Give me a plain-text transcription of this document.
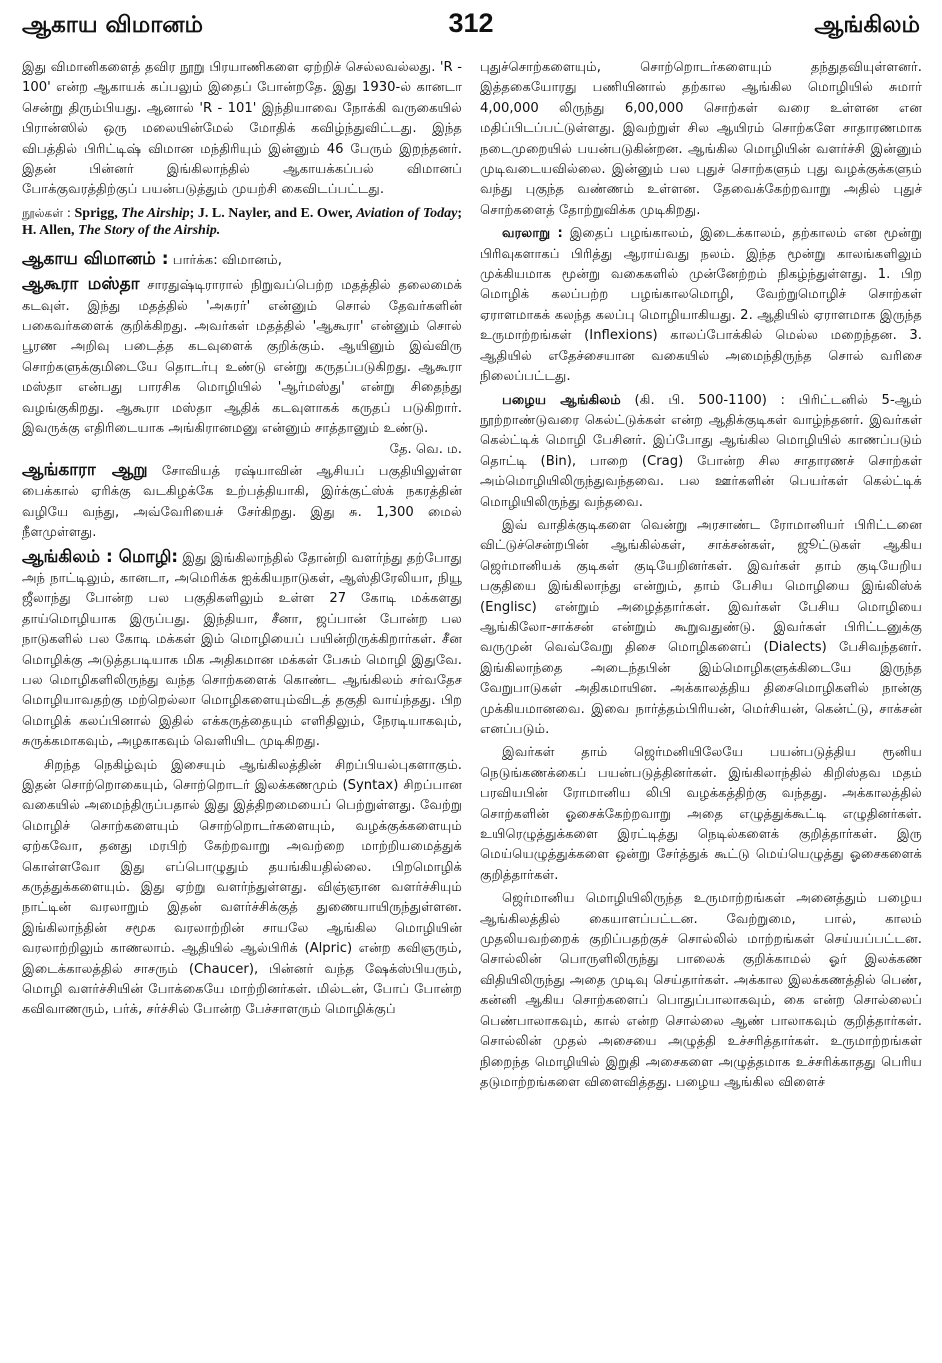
ஆகாய விமானம்	312	ஆங்கிலம்

இது விமானிகளைத் தவிர நூறு பிரயாணிகளை ஏற்றிச் செல்லவல்லது. 'R - 100' என்ற ஆகாயக் கப்பலும் இதைப் போன்றதே. இது 1930-ல் கானடா சென்று திரும்பியது. ஆனால் 'R - 101' இந்தியாவை நோக்கி வருகையில் பிரான்ஸில் ஒரு மலையின்மேல் மோதிக் கவிழ்ந்துவிட்டது. இந்த விபத்தில் பிரிட்டிஷ் விமான மந்திரியும் இன்னும் 46 பேரும் இறந்தனர். இதன் பின்னர் இங்கிலாந்தில் ஆகாயக்கப்பல் விமானப் போக்குவரத்திற்குப் பயன்படுத்தும் முயற்சி கைவிடப்பட்டது.

நூல்கள் : Sprigg, The Airship; J. L. Nayler, and E. Ower, Aviation of Today; H. Allen, The Story of the Airship.

ஆகாய விமானம் : பார்க்க: விமானம்,

ஆகூரா மஸ்தா சாரதுஷ்டிராரால் நிறுவப்பெற்ற மதத்தில் தலைமைக் கடவுள். இந்து மதத்தில் 'அசுரர்' என்னும் சொல் தேவர்களின் பகைவர்களைக் குறிக்கிறது. அவர்கள் மதத்தில் 'ஆகூரா' என்னும் சொல் பூரண அறிவு படைத்த கடவுளைக் குறிக்கும். ஆயினும் இவ்விரு சொற்களுக்குமிடையே தொடர்பு உண்டு என்று கருதப்படுகிறது. ஆகூரா மஸ்தா என்பது பாரசிக மொழியில் 'ஆர்மஸ்து' என்று சிதைந்து வழங்குகிறது. ஆகூரா மஸ்தா ஆதிக் கடவுளாகக் கருதப் படுகிறார். இவருக்கு எதிரிடையாக அங்கிரானமனு என்னும் சாத்தானும் உண்டு.
தே. வெ. ம.

ஆங்காரா ஆறு சோவியத் ரஷ்யாவின் ஆசியப் பகுதியிலுள்ள பைக்கால் ஏரிக்கு வடகிழக்கே உற்பத்தியாகி, இர்க்குட்ஸ்க் நகரத்தின் வழியே வந்து, அவ்வேரியைச் சேர்கிறது. இது சு. 1,300 மைல் நீளமுள்ளது.

ஆங்கிலம் : மொழி: இது இங்கிலாந்தில் தோன்றி வளர்ந்து தற்போது அந் நாட்டிலும், கானடா, அமெரிக்க ஐக்கியநாடுகள், ஆஸ்திரேலியா, நியூ ஜீலாந்து போன்ற பல பகுதிகளிலும் உள்ள 27 கோடி மக்களது தாய்மொழியாக இருப்பது. இந்தியா, சீனா, ஜப்பான் போன்ற பல நாடுகளில் பல கோடி மக்கள் இம் மொழியைப் பயின்றிருக்கிறார்கள். சீன மொழிக்கு அடுத்தபடியாக மிக அதிகமான மக்கள் பேசும் மொழி இதுவே. பல மொழிகளிலிருந்து வந்த சொற்களைக் கொண்ட ஆங்கிலம் சர்வதேச மொழியாவதற்கு மற்றெல்லா மொழிகளையும்விடத் தகுதி வாய்ந்தது. பிற மொழிக் கலப்பினால் இதில் எக்கருத்தையும் எளிதிலும், நேரடியாகவும், சுருக்கமாகவும், அழகாகவும் வெளியிட முடிகிறது.

சிறந்த நெகிழ்வும் இசையும் ஆங்கிலத்தின் சிறப்பியல்புகளாகும். இதன் சொற்றொகையும், சொற்றொடர் இலக்கணமும் (Syntax) சிறப்பான வகையில் அமைந்திருப்பதால் இது இத்திறமையைப் பெற்றுள்ளது. வேற்று மொழிச் சொற்களையும் சொற்றொடர்களையும், வழக்குக்களையும் ஏற்கவோ, தனது மரபிற் கேற்றவாறு அவற்றை மாற்றியமைத்துக் கொள்ளவோ இது எப்பொழுதும் தயங்கியதில்லை. பிறமொழிக் கருத்துக்களையும். இது ஏற்று வளர்ந்துள்ளது. விஞ்ஞான வளர்ச்சியும் நாட்டின் வரலாறும் இதன் வளர்ச்சிக்குத் துணையாயிருந்துள்ளன. இங்கிலாந்தின் சமூக வரலாற்றின் சாயலே ஆங்கில மொழியின் வரலாற்றிலும் காணலாம். ஆதியில் ஆல்பிரிக் (Alpric) என்ற கவிஞரும், இடைக்காலத்தில் சாசரும் (Chaucer), பின்னர் வந்த ஷேக்ஸ்பியரும், மொழி வளர்ச்சியின் போக்கையே மாற்றினர்கள். மில்டன், போப் போன்ற கவிவாணரும், பர்க், சர்ச்சில் போன்ற பேச்சாளரும் மொழிக்குப்

புதுச்சொற்களையும், சொற்றொடர்களையும் தந்துதவியுள்ளனர். இத்தகையோரது பணியினால் தற்கால ஆங்கில மொழியில் சுமார் 4,00,000 லிருந்து 6,00,000 சொற்கள் வரை உள்ளன என மதிப்பிடப்பட்டுள்ளது. இவற்றுள் சில ஆயிரம் சொற்களே சாதாரணமாக நடைமுறையில் பயன்படுகின்றன. ஆங்கில மொழியின் வளர்ச்சி இன்னும் முடிவடையவில்லை. இன்னும் பல புதுச் சொற்களும் புது வழக்குக்களும் வந்து புகுந்த வண்ணம் உள்ளன. தேவைக்கேற்றவாறு அதில் புதுச் சொற்களைத் தோற்றுவிக்க முடிகிறது.

வரலாறு : இதைப் பழங்காலம், இடைக்காலம், தற்காலம் என மூன்று பிரிவுகளாகப் பிரித்து ஆராய்வது நலம். இந்த மூன்று காலங்களிலும் முக்கியமாக மூன்று வகைகளில் முன்னேற்றம் நிகழ்ந்துள்ளது. 1. பிற மொழிக் கலப்பற்ற பழங்காலமொழி, வேற்றுமொழிச் சொற்கள் ஏராளமாகக் கலந்த கலப்பு மொழியாகியது. 2. ஆதியில் ஏராளமாக இருந்த உருமாற்றங்கள் (Inflexions) காலப்போக்கில் மெல்ல மறைந்தன. 3. ஆதியில் எதேச்சையான வகையில் அமைந்திருந்த சொல் வரிசை நிலைப்பட்டது.

பழைய ஆங்கிலம் (கி. பி. 500-1100) : பிரிட்டனில் 5-ஆம் நூற்றாண்டுவரை கெல்ட்டுக்கள் என்ற ஆதிக்குடிகள் வாழ்ந்தனர். இவர்கள் கெல்ட்டிக் மொழி பேசினர். இப்போது ஆங்கில மொழியில் காணப்படும் தொட்டி (Bin), பாறை (Crag) போன்ற சில சாதாரணச் சொற்கள் அம்மொழியிலிருந்துவந்தவை. பல ஊர்களின் பெயர்கள் கெல்ட்டிக் மொழியிலிருந்து வந்தவை.

இவ் வாதிக்குடிகளை வென்று அரசாண்ட ரோமானியர் பிரிட்டனை விட்டுச்சென்றபின் ஆங்கில்கள், சாக்சன்கள், ஜூட்டுகள் ஆகிய ஜெர்மானியக் குடிகள் குடியேறினர்கள். இவர்கள் தாம் குடியேறிய பகுதியை இங்கிலாந்து என்றும், தாம் பேசிய மொழியை இங்லிஸ்க் (Englisc) என்றும் அழைத்தார்கள். இவர்கள் பேசிய மொழியை ஆங்கிலோ-சாக்சன் என்றும் கூறுவதுண்டு. இவர்கள் பிரிட்டனுக்கு வருமுன் வெவ்வேறு திசை மொழிகளைப் (Dialects) பேசிவந்தனர். இங்கிலாந்தை அடைந்தபின் இம்மொழிகளுக்கிடையே இருந்த வேறுபாடுகள் அதிகமாயின. அக்காலத்திய திசைமொழிகளில் நான்கு முக்கியமானவை. இவை நார்த்தம்பிரியன், மெர்சியன், கென்ட்டு, சாக்சன் எனப்படும்.

இவர்கள் தாம் ஜெர்மனியிலேயே பயன்படுத்திய ரூனிய நெடுங்கணக்கைப் பயன்படுத்தினர்கள். இங்கிலாந்தில் கிறிஸ்தவ மதம் பரவியபின் ரோமானிய லிபி வழக்கத்திற்கு வந்தது. அக்காலத்தில் சொற்களின் ஓசைக்கேற்றவாறு அதை எழுத்துக்கூட்டி எழுதினர்கள். உயிரெழுத்துக்களை இரட்டித்து நெடில்களைக் குறித்தார்கள். இரு மெய்யெழுத்துக்களை ஒன்று சேர்த்துக் கூட்டு மெய்யெழுத்து ஓசைகளைக் குறித்தார்கள்.

ஜெர்மானிய மொழியிலிருந்த உருமாற்றங்கள் அனைத்தும் பழைய ஆங்கிலத்தில் கையாளப்பட்டன. வேற்றுமை, பால், காலம் முதலியவற்றைக் குறிப்பதற்குச் சொல்லில் மாற்றங்கள் செய்யப்பட்டன. சொல்லின் பொருளிலிருந்து பாலைக் குறிக்காமல் ஓர் இலக்கண விதியிலிருந்து அதை முடிவு செய்தார்கள். அக்கால இலக்கணத்தில் பெண், கன்னி ஆகிய சொற்களைப் பொதுப்பாலாகவும், கை என்ற சொல்லைப் பெண்பாலாகவும், கால் என்ற சொல்லை ஆண் பாலாகவும் குறித்தார்கள். சொல்லின் முதல் அசையை அழுத்தி உச்சரித்தார்கள். உருமாற்றங்கள் நிறைந்த மொழியில் இறுதி அசைகளை அழுத்தமாக உச்சரிக்காதது பெரிய தடுமாற்றங்களை விளைவித்தது. பழைய ஆங்கில விளைச்
